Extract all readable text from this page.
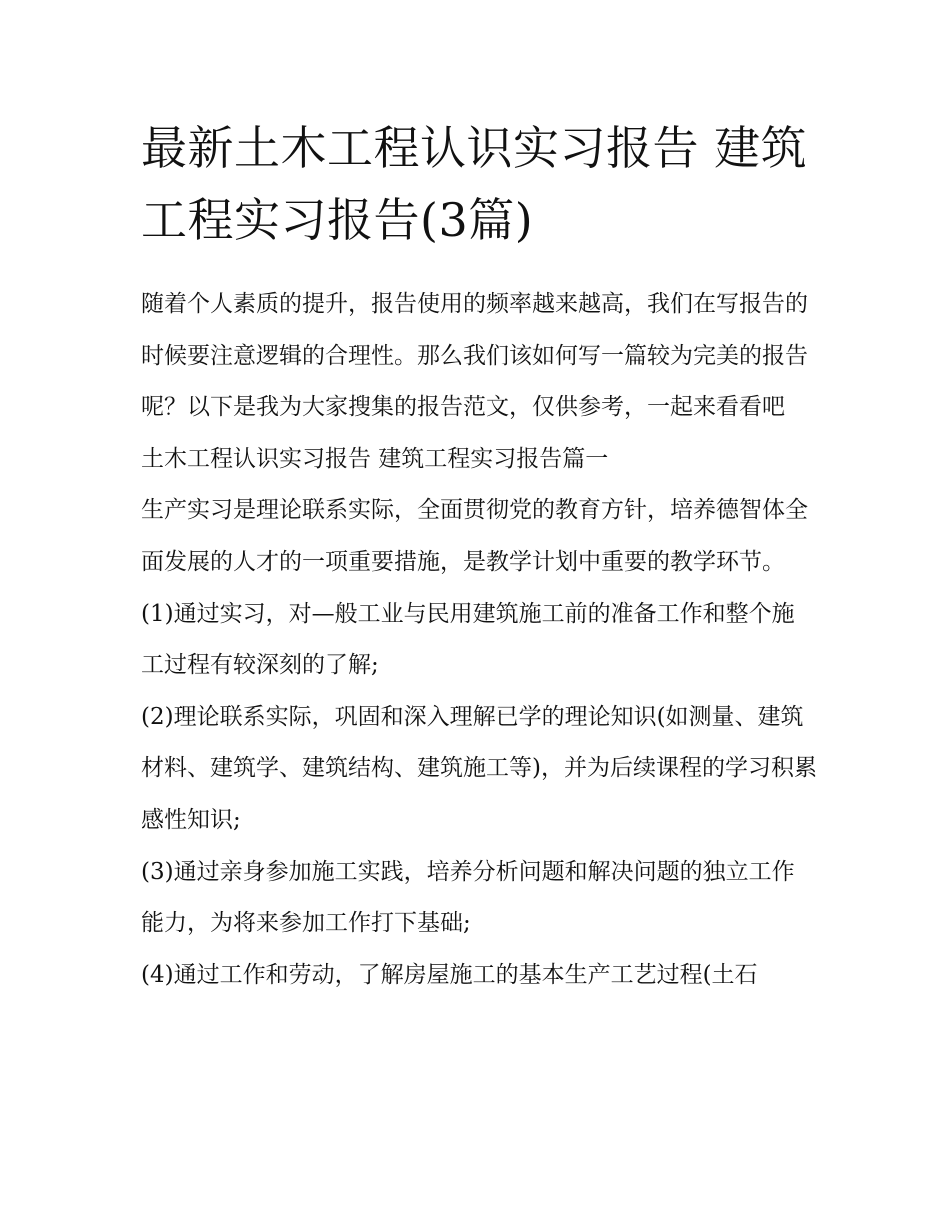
最新土木工程认识实习报告 建筑工程实习报告(3篇)

随着个人素质的提升，报告使用的频率越来越高，我们在写报告的时候要注意逻辑的合理性。那么我们该如何写一篇较为完美的报告呢？以下是我为大家搜集的报告范文，仅供参考，一起来看看吧

土木工程认识实习报告 建筑工程实习报告篇一

生产实习是理论联系实际，全面贯彻党的教育方针，培养德智体全面发展的人才的一项重要措施，是教学计划中重要的教学环节。

(1)通过实习，对—般工业与民用建筑施工前的准备工作和整个施工过程有较深刻的了解;

(2)理论联系实际，巩固和深入理解已学的理论知识(如测量、建筑材料、建筑学、建筑结构、建筑施工等)，并为后续课程的学习积累感性知识;

(3)通过亲身参加施工实践，培养分析问题和解决问题的独立工作能力，为将来参加工作打下基础;

(4)通过工作和劳动，了解房屋施工的基本生产工艺过程(土石
